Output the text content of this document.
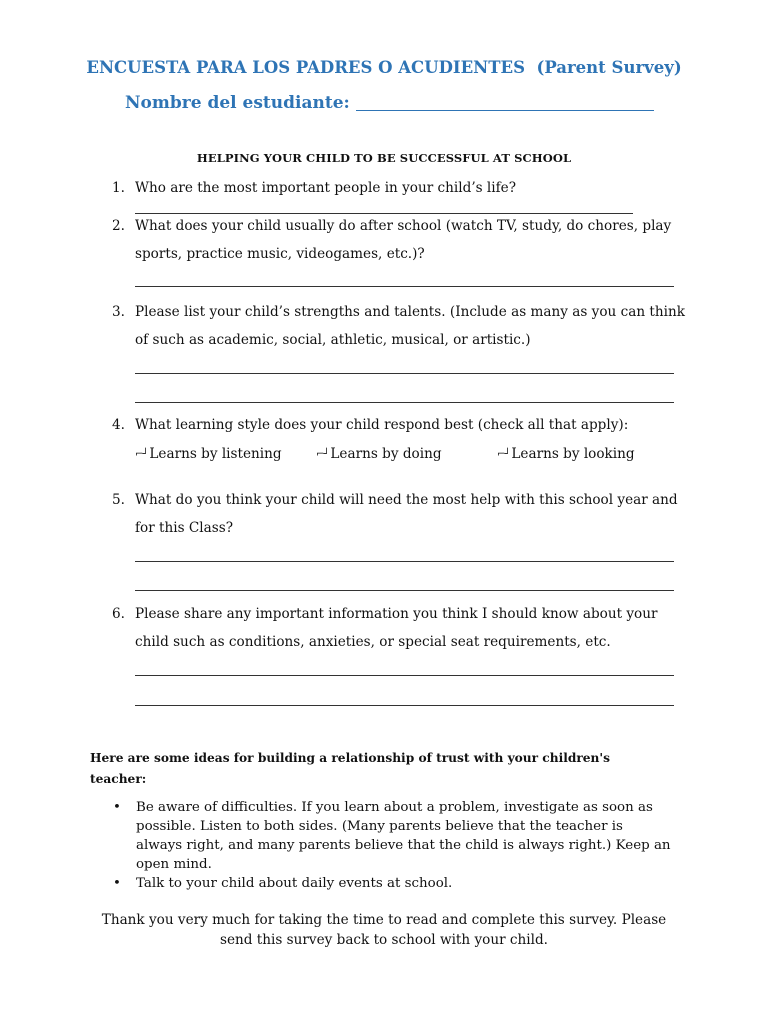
ENCUESTA PARA LOS PADRES O ACUDIENTES  (Parent Survey)
Nombre del estudiante:
HELPING YOUR CHILD TO BE SUCCESSFUL AT SCHOOL
1. Who are the most important people in your child’s life?
2. What does your child usually do after school (watch TV, study, do chores, play
sports, practice music, videogames, etc.)?
3. Please list your child’s strengths and talents. (Include as many as you can think
of such as academic, social, athletic, musical, or artistic.)
4. What learning style does your child respond best (check all that apply):
⌐┘ Learns by listening	⌐┘ Learns by doing	⌐┘ Learns by looking
5. What do you think your child will need the most help with this school year and
for this Class?
6. Please share any important information you think I should know about your
child such as conditions, anxieties, or special seat requirements, etc.
Here are some ideas for building a relationship of trust with your children's teacher:
• Be aware of difficulties. If you learn about a problem, investigate as soon as possible. Listen to both sides. (Many parents believe that the teacher is always right, and many parents believe that the child is always right.) Keep an open mind.
• Talk to your child about daily events at school.
Thank you very much for taking the time to read and complete this survey. Please send this survey back to school with your child.
